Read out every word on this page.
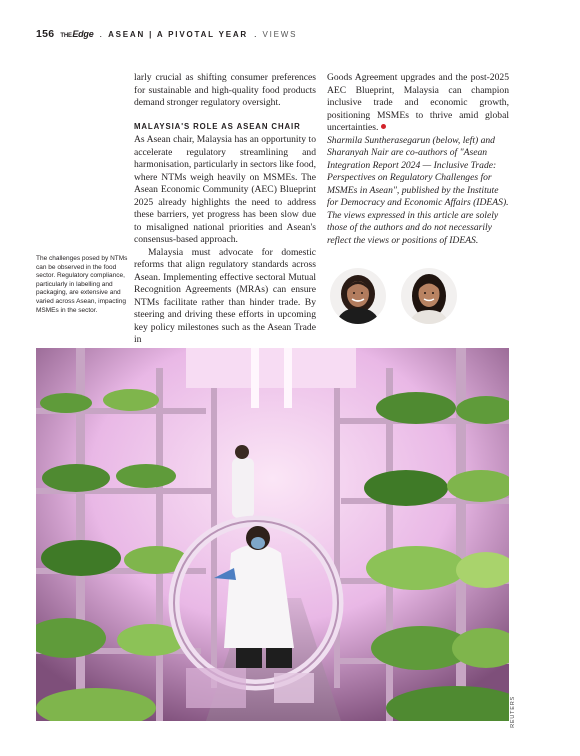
156 THE Edge . ASEAN | A PIVOTAL YEAR . VIEWS

larly crucial as shifting consumer preferences for sustainable and high-quality food products demand stronger regulatory oversight.

MALAYSIA'S ROLE AS ASEAN CHAIR

As Asean chair, Malaysia has an opportunity to accelerate regulatory streamlining and harmonisation, particularly in sectors like food, where NTMs weigh heavily on MSMEs. The Asean Economic Community (AEC) Blueprint 2025 already highlights the need to address these barriers, yet progress has been slow due to misaligned national priorities and Asean's consensus-based approach.

Malaysia must advocate for domestic reforms that align regulatory standards across Asean. Implementing effective sectoral Mutual Recognition Agreements (MRAs) can ensure NTMs facilitate rather than hinder trade. By steering and driving these efforts in upcoming key policy milestones such as the Asean Trade in

Goods Agreement upgrades and the post-2025 AEC Blueprint, Malaysia can champion inclusive trade and economic growth, positioning MSMEs to thrive amid global uncertainties.

Sharmila Suntherasegarun (below, left) and Sharanyah Nair are co-authors of "Asean Integration Report 2024 — Inclusive Trade: Perspectives on Regulatory Challenges for MSMEs in Asean", published by the Institute for Democracy and Economic Affairs (IDEAS). The views expressed in this article are solely those of the authors and do not necessarily reflect the views or positions of IDEAS.

The challenges posed by NTMs can be observed in the food sector. Regulatory compliance, particularly in labelling and packaging, are extensive and varied across Asean, impacting MSMEs in the sector.
REUTERS
